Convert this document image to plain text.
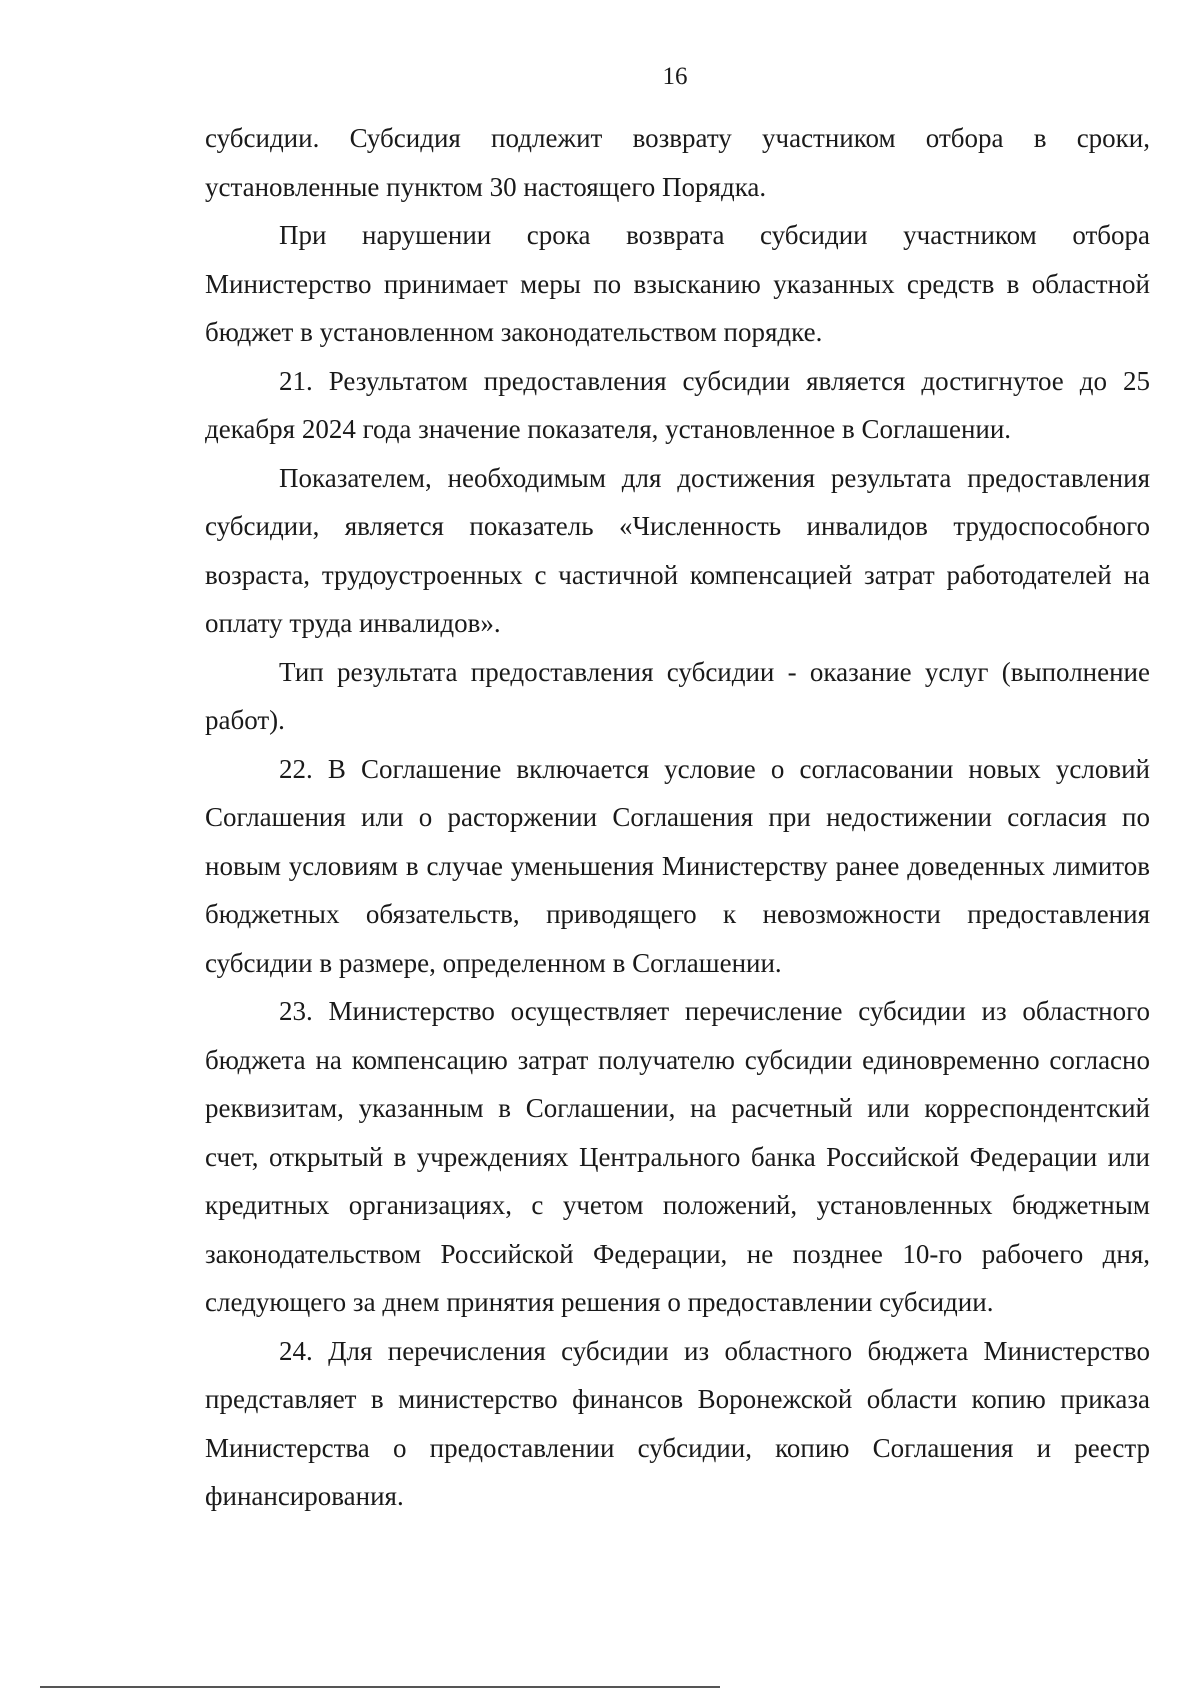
16

субсидии. Субсидия подлежит возврату участником отбора в сроки, установленные пунктом 30 настоящего Порядка.

При нарушении срока возврата субсидии участником отбора Министерство принимает меры по взысканию указанных средств в областной бюджет в установленном законодательством порядке.

21. Результатом предоставления субсидии является достигнутое до 25 декабря 2024 года значение показателя, установленное в Соглашении.

Показателем, необходимым для достижения результата предоставления субсидии, является показатель «Численность инвалидов трудоспособного возраста, трудоустроенных с частичной компенсацией затрат работодателей на оплату труда инвалидов».

Тип результата предоставления субсидии - оказание услуг (выполнение работ).

22. В Соглашение включается условие о согласовании новых условий Соглашения или о расторжении Соглашения при недостижении согласия по новым условиям в случае уменьшения Министерству ранее доведенных лимитов бюджетных обязательств, приводящего к невозможности предоставления субсидии в размере, определенном в Соглашении.

23. Министерство осуществляет перечисление субсидии из областного бюджета на компенсацию затрат получателю субсидии единовременно согласно реквизитам, указанным в Соглашении, на расчетный или корреспондентский счет, открытый в учреждениях Центрального банка Российской Федерации или кредитных организациях, с учетом положений, установленных бюджетным законодательством Российской Федерации, не позднее 10-го рабочего дня, следующего за днем принятия решения о предоставлении субсидии.

24. Для перечисления субсидии из областного бюджета Министерство представляет в министерство финансов Воронежской области копию приказа Министерства о предоставлении субсидии, копию Соглашения и реестр финансирования.
